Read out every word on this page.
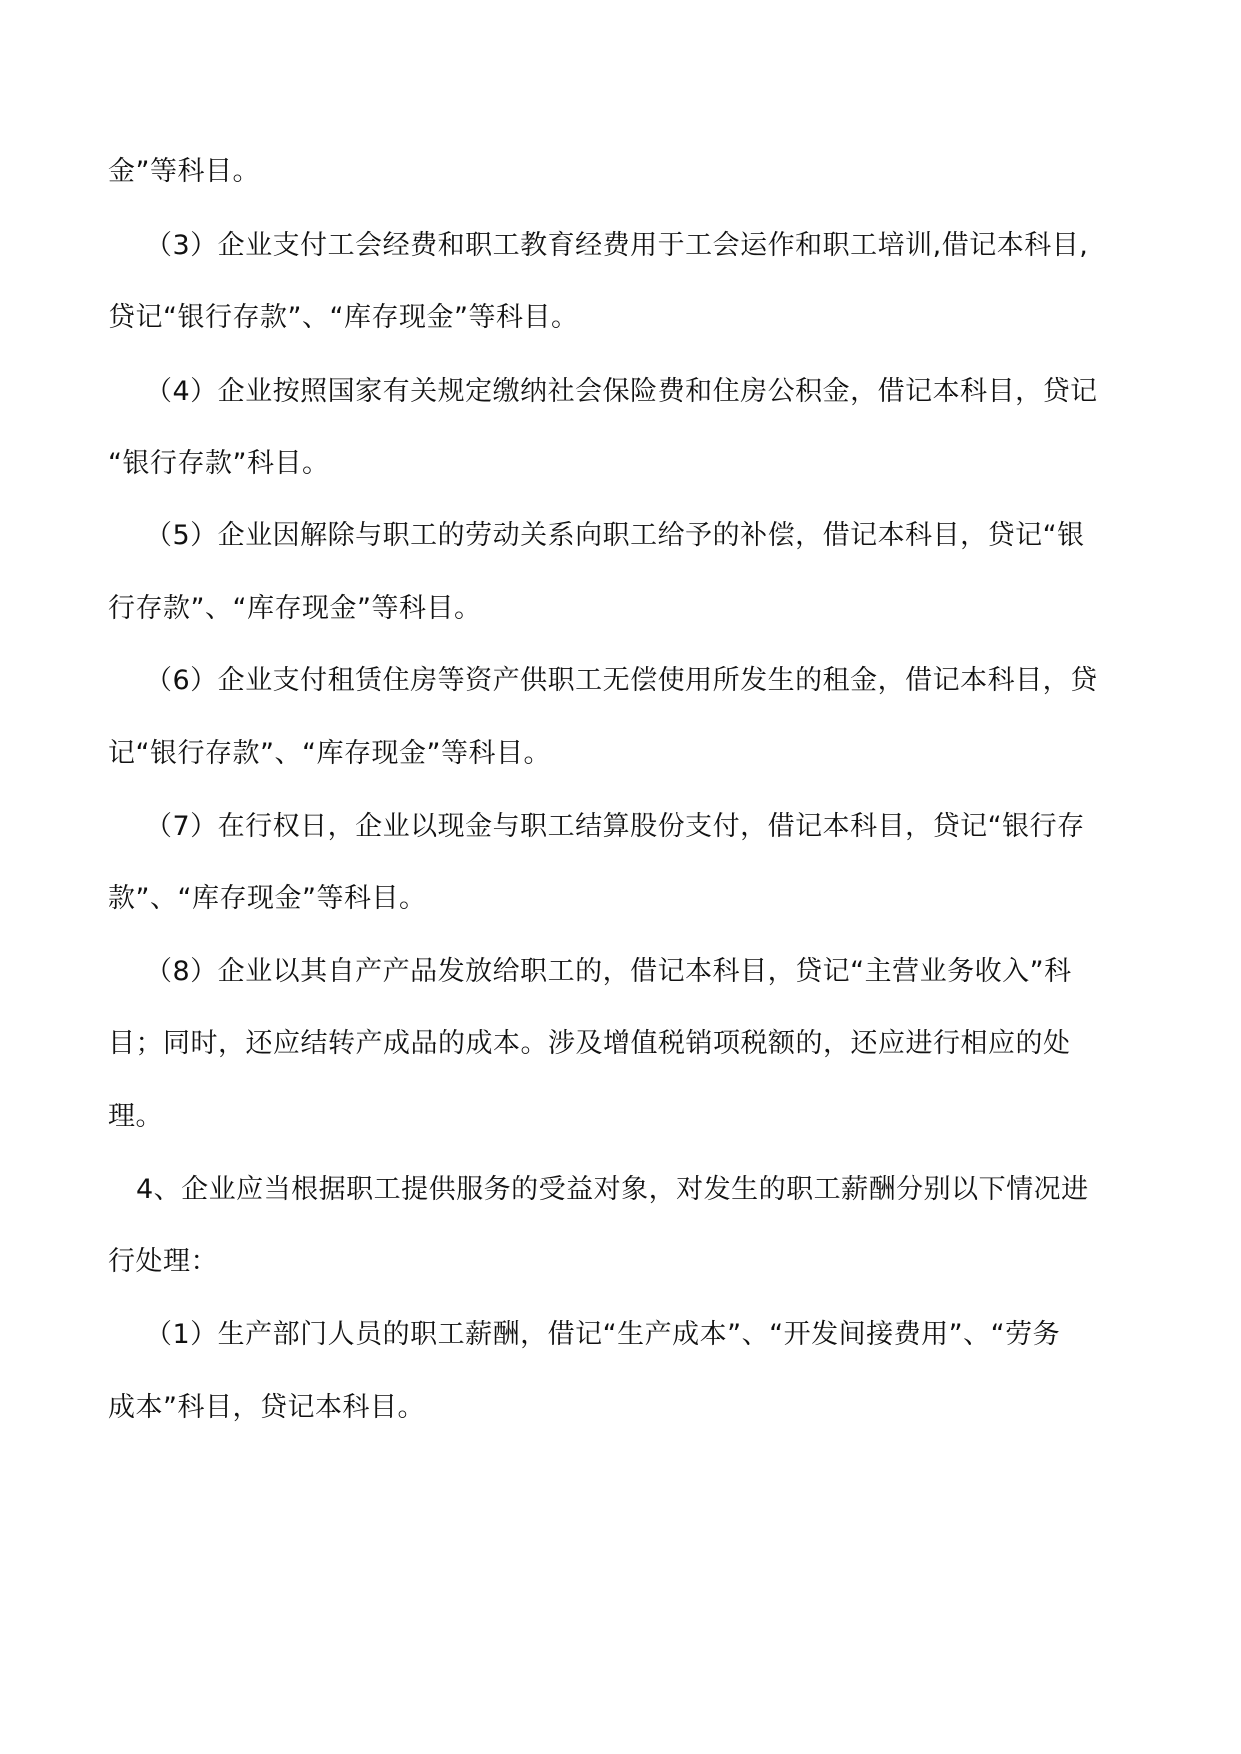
金”等科目。
（3）企业支付工会经费和职工教育经费用于工会运作和职工培训,借记本科目,
贷记“银行存款”、“库存现金”等科目。
（4）企业按照国家有关规定缴纳社会保险费和住房公积金，借记本科目，贷记
“银行存款”科目。
（5）企业因解除与职工的劳动关系向职工给予的补偿，借记本科目，贷记“银
行存款”、“库存现金”等科目。
（6）企业支付租赁住房等资产供职工无偿使用所发生的租金，借记本科目，贷
记“银行存款”、“库存现金”等科目。
（7）在行权日，企业以现金与职工结算股份支付，借记本科目，贷记“银行存
款”、“库存现金”等科目。
（8）企业以其自产产品发放给职工的，借记本科目，贷记“主营业务收入”科
目；同时，还应结转产成品的成本。涉及增值税销项税额的，还应进行相应的处
理。
4、企业应当根据职工提供服务的受益对象，对发生的职工薪酬分别以下情况进
行处理：
（1）生产部门人员的职工薪酬，借记“生产成本”、“开发间接费用”、“劳务
成本”科目，贷记本科目。
